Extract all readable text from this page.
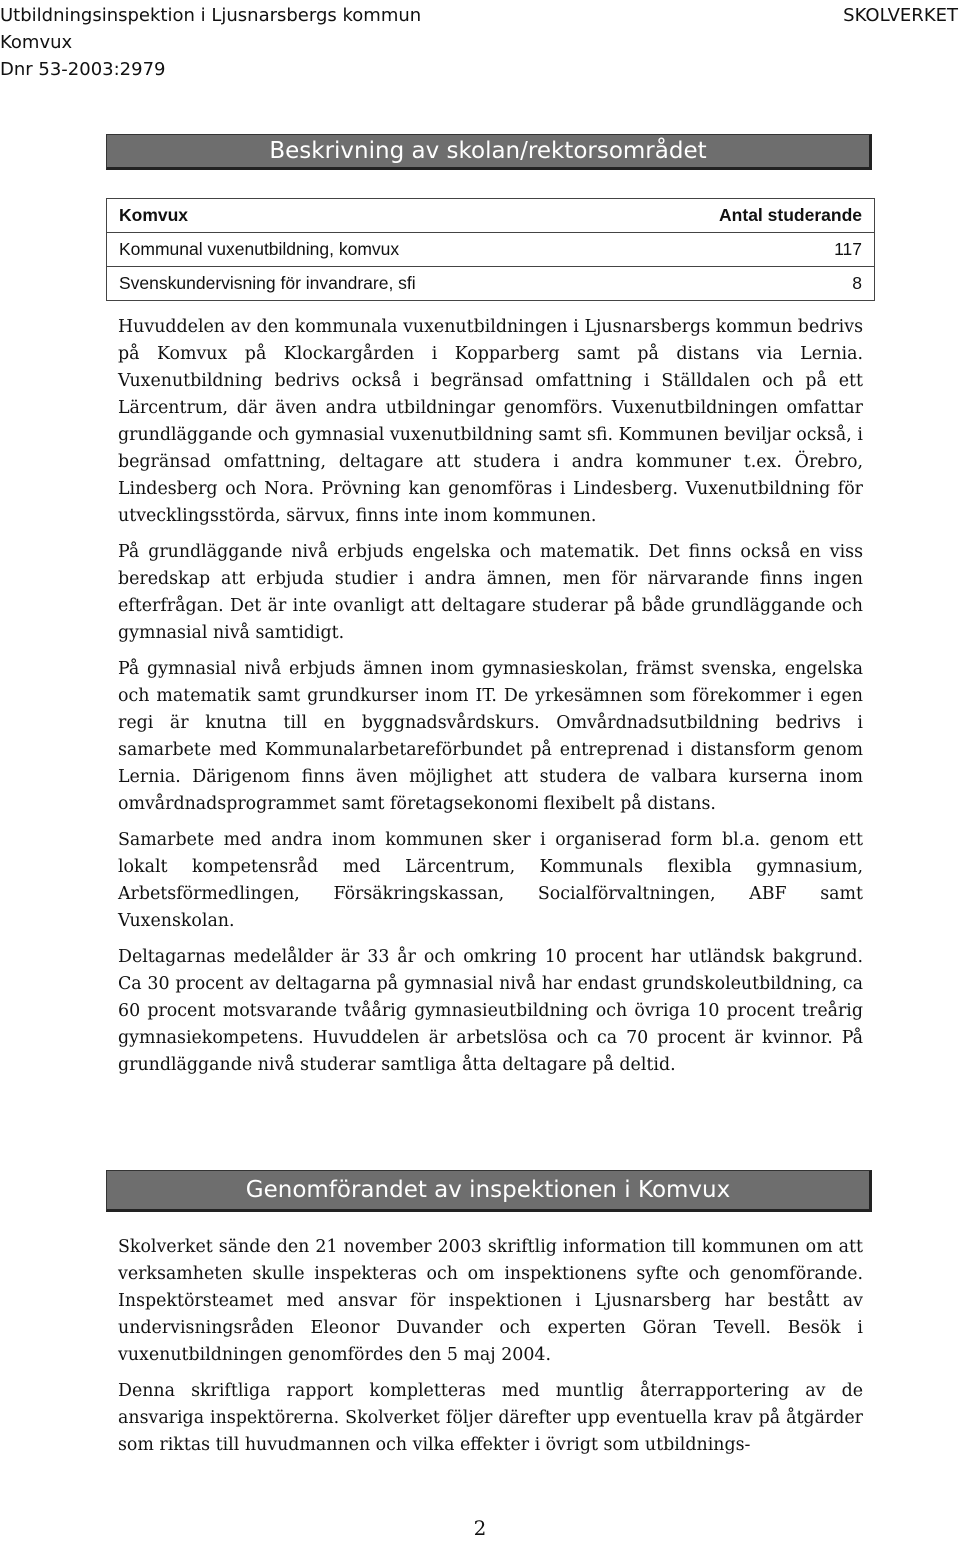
Utbildningsinspektion i Ljusnarsbergs kommun
Komvux
Dnr 53-2003:2979
SKOLVERKET
Beskrivning av skolan/rektorsområdet
Komvux	Antal studerande
Kommunal vuxenutbildning, komvux	117
Svenskundervisning för invandrare, sfi	8

Huvuddelen av den kommunala vuxenutbildningen i Ljusnarsbergs kommun bedrivs på Komvux på Klockargården i Kopparberg samt på distans via Lernia. Vuxenutbildning bedrivs också i begränsad omfattning i Ställdalen och på ett Lärcentrum, där även andra utbildningar genomförs. Vuxenutbildningen omfattar grundläggande och gymnasial vuxenutbildning samt sfi. Kommunen beviljar också, i begränsad omfattning, deltagare att studera i andra kommuner t.ex. Örebro, Lindesberg och Nora. Prövning kan genomföras i Lindesberg. Vuxenutbildning för utvecklingsstörda, särvux, finns inte inom kommunen.

På grundläggande nivå erbjuds engelska och matematik. Det finns också en viss beredskap att erbjuda studier i andra ämnen, men för närvarande finns ingen efterfrågan. Det är inte ovanligt att deltagare studerar på både grundläggande och gymnasial nivå samtidigt.

På gymnasial nivå erbjuds ämnen inom gymnasieskolan, främst svenska, engelska och matematik samt grundkurser inom IT. De yrkesämnen som förekommer i egen regi är knutna till en byggnadsvårdskurs. Omvårdnadsutbildning bedrivs i samarbete med Kommunalarbetareförbundet på entreprenad i distansform genom Lernia. Därigenom finns även möjlighet att studera de valbara kurserna inom omvårdnadsprogrammet samt företagsekonomi flexibelt på distans.

Samarbete med andra inom kommunen sker i organiserad form bl.a. genom ett lokalt kompetensråd med Lärcentrum, Kommunals flexibla gymnasium, Arbetsförmedlingen, Försäkringskassan, Socialförvaltningen, ABF samt Vuxenskolan.

Deltagarnas medelålder är 33 år och omkring 10 procent har utländsk bakgrund. Ca 30 procent av deltagarna på gymnasial nivå har endast grundskoleutbildning, ca 60 procent motsvarande tvåårig gymnasieutbildning och övriga 10 procent treårig gymnasiekompetens. Huvuddelen är arbetslösa och ca 70 procent är kvinnor. På grundläggande nivå studerar samtliga åtta deltagare på deltid.

Genomförandet av inspektionen i Komvux

Skolverket sände den 21 november 2003 skriftlig information till kommunen om att verksamheten skulle inspekteras och om inspektionens syfte och genomförande. Inspektörsteamet med ansvar för inspektionen i Ljusnarsberg har bestått av undervisningsråden Eleonor Duvander och experten Göran Tevell. Besök i vuxenutbildningen genomfördes den 5 maj 2004.

Denna skriftliga rapport kompletteras med muntlig återrapportering av de ansvariga inspektörerna. Skolverket följer därefter upp eventuella krav på åtgärder som riktas till huvudmannen och vilka effekter i övrigt som utbildnings-

2
